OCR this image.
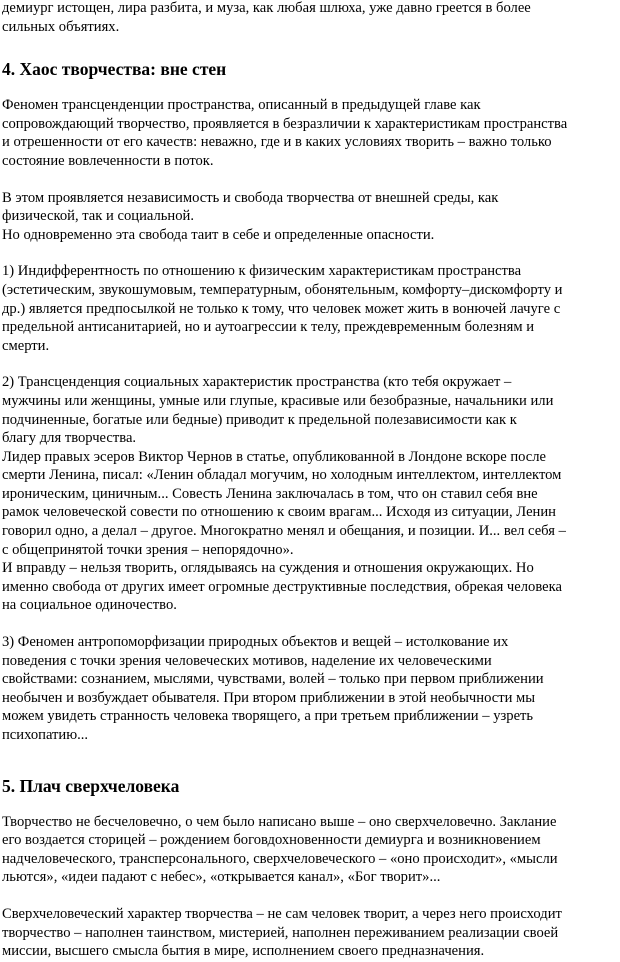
демиург истощен, лира разбита, и муза, как любая шлюха, уже давно греется в более
сильных объятиях.

4. Хаос творчества: вне стен

Феномен трансценденции пространства, описанный в предыдущей главе как
сопровождающий творчество, проявляется в безразличии к характеристикам пространства
и отрешенности от его качеств: неважно, где и в каких условиях творить – важно только
состояние вовлеченности в поток.

В этом проявляется независимость и свобода творчества от внешней среды, как
физической, так и социальной.
Но одновременно эта свобода таит в себе и определенные опасности.

1) Индифферентность по отношению к физическим характеристикам пространства
(эстетическим, звукошумовым, температурным, обонятельным, комфорту–дискомфорту и
др.) является предпосылкой не только к тому, что человек может жить в вонючей лачуге с
предельной антисанитарией, но и аутоагрессии к телу, преждевременным болезням и
смерти.

2) Трансценденция социальных характеристик пространства (кто тебя окружает –
мужчины или женщины, умные или глупые, красивые или безобразные, начальники или
подчиненные, богатые или бедные) приводит к предельной полезависимости как к
благу для творчества.
Лидер правых эсеров Виктор Чернов в статье, опубликованной в Лондоне вскоре после
смерти Ленина, писал: «Ленин обладал могучим, но холодным интеллектом, интеллектом
ироническим, циничным... Совесть Ленина заключалась в том, что он ставил себя вне
рамок человеческой совести по отношению к своим врагам... Исходя из ситуации, Ленин
говорил одно, а делал – другое. Многократно менял и обещания, и позиции. И... вел себя –
с общепринятой точки зрения – непорядочно».
И вправду – нельзя творить, оглядываясь на суждения и отношения окружающих. Но
именно свобода от других имеет огромные деструктивные последствия, обрекая человека
на социальное одиночество.

3) Феномен антропоморфизации природных объектов и вещей – истолкование их
поведения с точки зрения человеческих мотивов, наделение их человеческими
свойствами: сознанием, мыслями, чувствами, волей – только при первом приближении
необычен и возбуждает обывателя. При втором приближении в этой необычности мы
можем увидеть странность человека творящего, а при третьем приближении – узреть
психопатию...

5. Плач сверхчеловека

Творчество не бесчеловечно, о чем было написано выше – оно сверхчеловечно. Заклание
его воздается сторицей – рождением боговдохновенности демиурга и возникновением
надчеловеческого, трансперсонального, сверхчеловеческого – «оно происходит», «мысли
льются», «идеи падают с небес», «открывается канал», «Бог творит»...

Сверхчеловеческий характер творчества – не сам человек творит, а через него происходит
творчество – наполнен таинством, мистерией, наполнен переживанием реализации своей
миссии, высшего смысла бытия в мире, исполнением своего предназначения.
